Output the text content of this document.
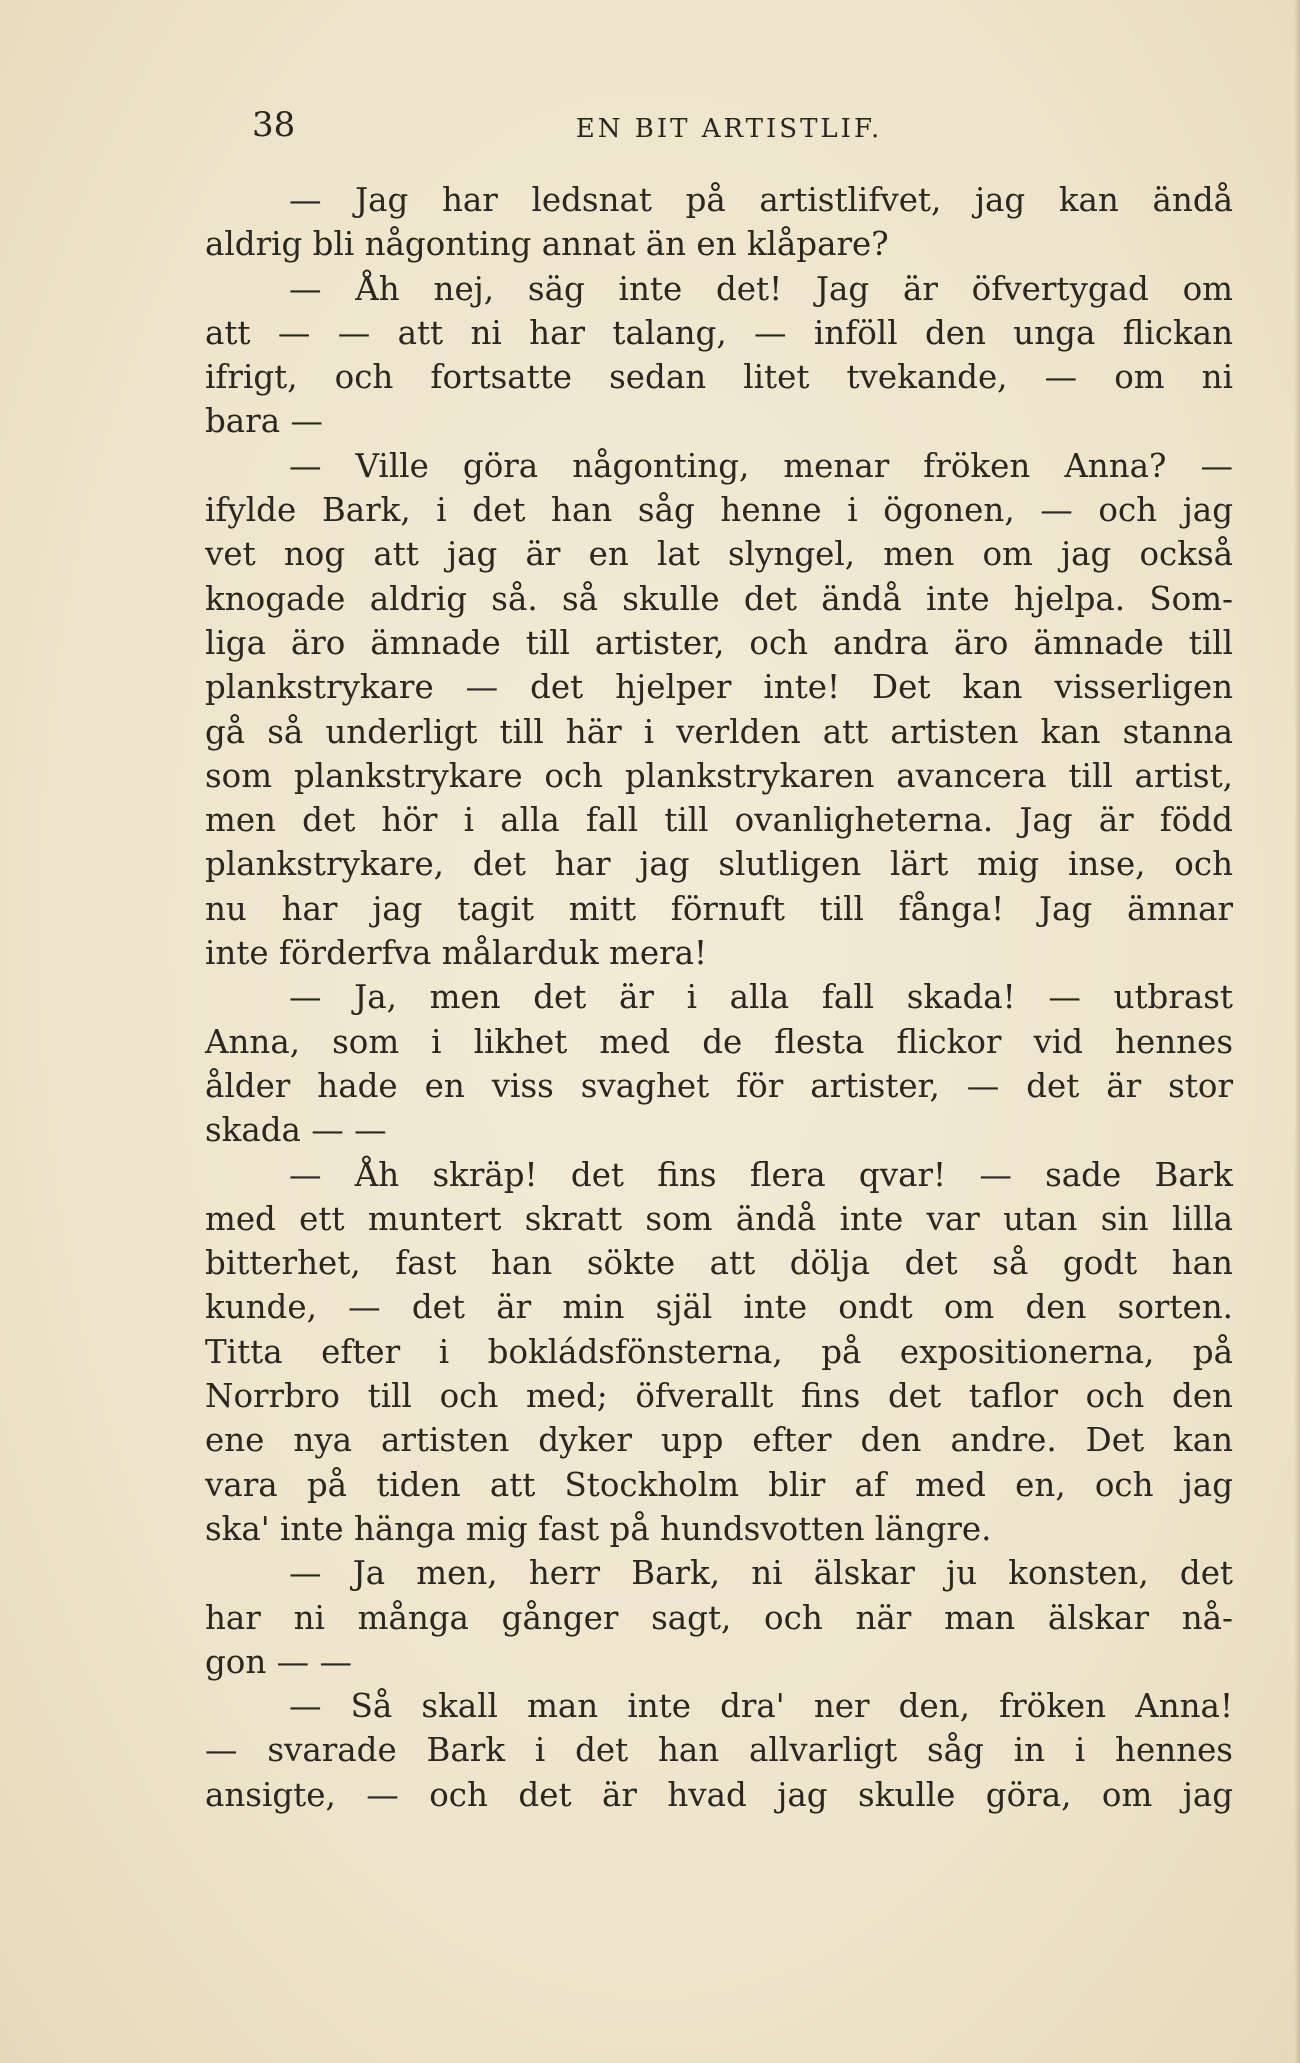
38	EN BIT ARTISTLIF.
— Jag har ledsnat på artistlifvet, jag kan ändå
aldrig bli någonting annat än en klåpare?
— Åh nej, säg inte det! Jag är öfvertygad om
att — — att ni har talang, — inföll den unga flickan
ifrigt, och fortsatte sedan litet tvekande, — om ni
bara —
— Ville göra någonting, menar fröken Anna? —
ifylde Bark, i det han såg henne i ögonen, — och jag
vet nog att jag är en lat slyngel, men om jag också
knogade aldrig så. så skulle det ändå inte hjelpa. Som-
liga äro ämnade till artister, och andra äro ämnade till
plankstrykare — det hjelper inte! Det kan visserligen
gå så underligt till här i verlden att artisten kan stanna
som plankstrykare och plankstrykaren avancera till artist,
men det hör i alla fall till ovanligheterna. Jag är född
plankstrykare, det har jag slutligen lärt mig inse, och
nu har jag tagit mitt förnuft till fånga! Jag ämnar
inte förderfva målarduk mera!
— Ja, men det är i alla fall skada! — utbrast
Anna, som i likhet med de flesta flickor vid hennes
ålder hade en viss svaghet för artister, — det är stor
skada — —
— Åh skräp! det fins flera qvar! — sade Bark
med ett muntert skratt som ändå inte var utan sin lilla
bitterhet, fast han sökte att dölja det så godt han
kunde, — det är min själ inte ondt om den sorten.
Titta efter i bokládsfönsterna, på expositionerna, på
Norrbro till och med; öfverallt fins det taflor och den
ene nya artisten dyker upp efter den andre. Det kan
vara på tiden att Stockholm blir af med en, och jag
ska' inte hänga mig fast på hundsvotten längre.
— Ja men, herr Bark, ni älskar ju konsten, det
har ni många gånger sagt, och när man älskar nå-
gon — —
— Så skall man inte dra' ner den, fröken Anna!
— svarade Bark i det han allvarligt såg in i hennes
ansigte, — och det är hvad jag skulle göra, om jag
